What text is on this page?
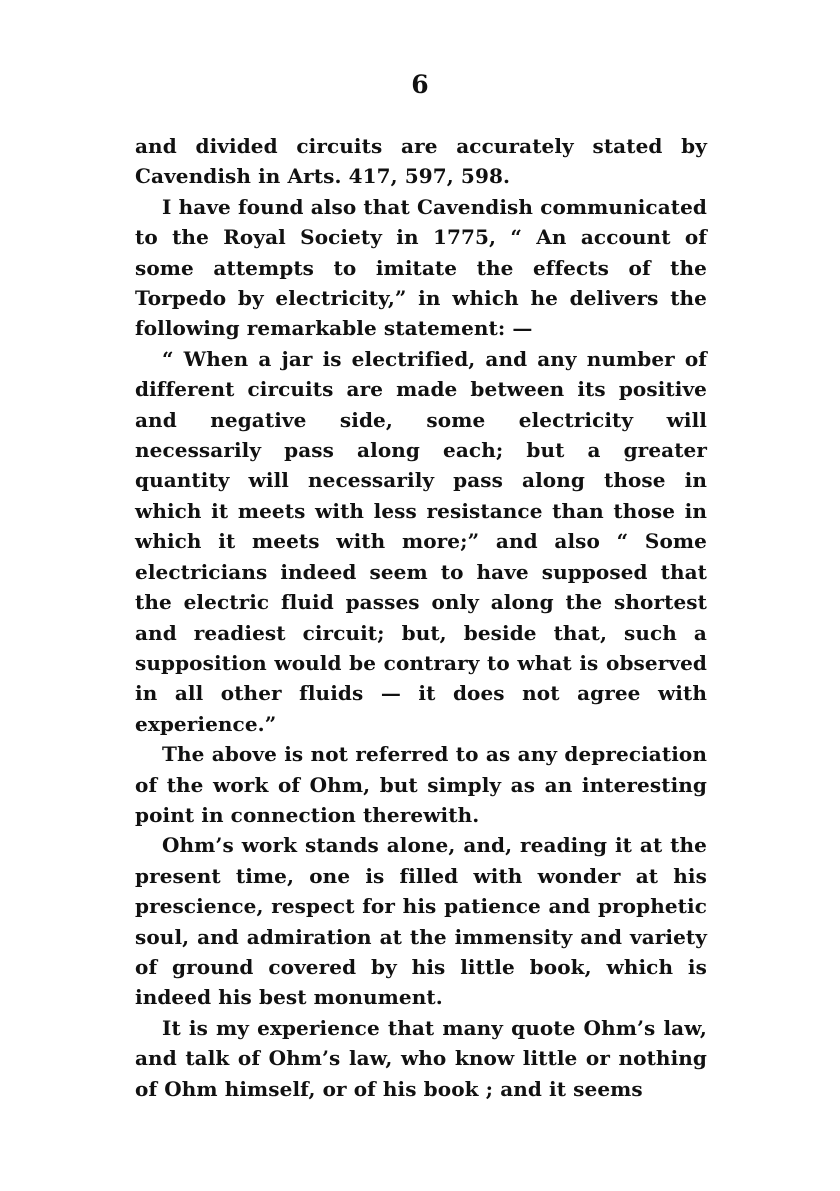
6

and divided circuits are accurately stated by Cavendish in Arts. 417, 597, 598.

I have found also that Cavendish communicated to the Royal Society in 1775, “ An account of some attempts to imitate the effects of the Torpedo by electricity,” in which he delivers the following remarkable statement: —

“ When a jar is electrified, and any number of different circuits are made between its positive and negative side, some electricity will necessarily pass along each; but a greater quantity will necessarily pass along those in which it meets with less resistance than those in which it meets with more;” and also “ Some electricians indeed seem to have supposed that the electric fluid passes only along the shortest and readiest circuit; but, beside that, such a supposition would be contrary to what is observed in all other fluids — it does not agree with experience.”

The above is not referred to as any depreciation of the work of Ohm, but simply as an interesting point in connection therewith.

Ohm’s work stands alone, and, reading it at the present time, one is filled with wonder at his prescience, respect for his patience and prophetic soul, and admiration at the immensity and variety of ground covered by his little book, which is indeed his best monument.

It is my experience that many quote Ohm’s law, and talk of Ohm’s law, who know little or nothing of Ohm himself, or of his book ; and it seems
